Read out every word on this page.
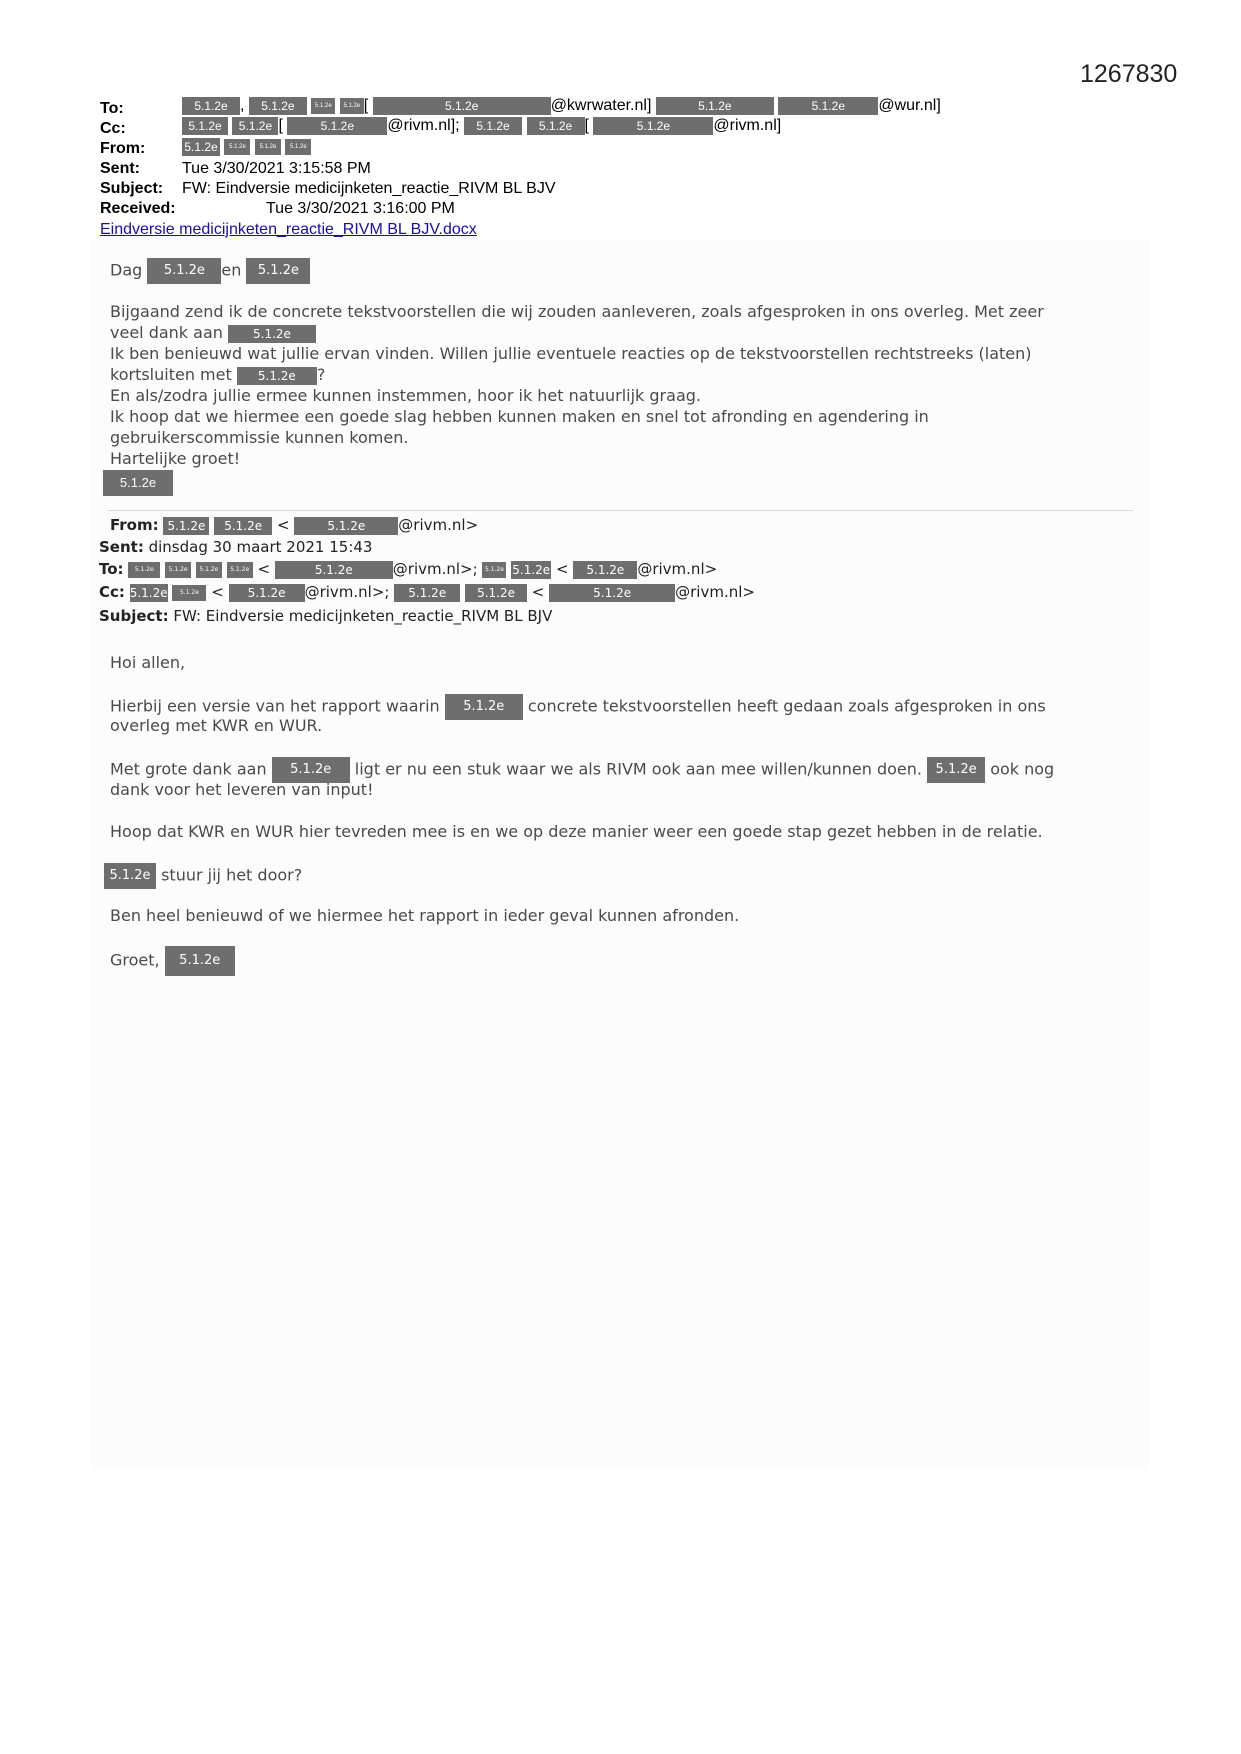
1267830
To:	5.1.2e , 5.1.2e	5.1.2e 5.1.2e [	5.1.2e	@kwrwater.nl]	5.1.2e	5.1.2e @wur.nl]
Cc:	5.1.2e 5.1.2e [	5.1.2e @rivm.nl]; 5.1.2e 5.1.2e [	5.1.2e	@rivm.nl]
From:	5.1.2e 5.1.2e 5.1.2e 5.1.2e
Sent:	Tue 3/30/2021 3:15:58 PM
Subject: FW: Eindversie medicijnketen_reactie_RIVM BL BJV
Received:	Tue 3/30/2021 3:16:00 PM
Eindversie medicijnketen_reactie_RIVM BL BJV.docx
Dag 5.1.2e en 5.1.2e
Bijgaand zend ik de concrete tekstvoorstellen die wij zouden aanleveren, zoals afgesproken in ons overleg. Met zeer
veel dank aan	5.1.2e
Ik ben benieuwd wat jullie ervan vinden. Willen jullie eventuele reacties op de tekstvoorstellen rechtstreeks (laten)
kortsluiten met 5.1.2e ?
En als/zodra jullie ermee kunnen instemmen, hoor ik het natuurlijk graag.
Ik hoop dat we hiermee een goede slag hebben kunnen maken en snel tot afronding en agendering in
gebruikerscommissie kunnen komen.
Hartelijke groet!
5.1.2e
From: 5.1.2e 5.1.2e <	5.1.2e @rivm.nl>
Sent: dinsdag 30 maart 2021 15:43
To: 5.1.2e 5.1.2e 5.1.2e 5.1.2e <	5.1.2e	@rivm.nl>; 5.1.2e 5.1.2e < 5.1.2e @rivm.nl>
Cc: 5.1.2e 5.1.2e < 5.1.2e @rivm.nl>; 5.1.2e	5.1.2e <	5.1.2e	@rivm.nl>
Subject: FW: Eindversie medicijnketen_reactie_RIVM BL BJV
Hoi allen,
Hierbij een versie van het rapport waarin 5.1.2e concrete tekstvoorstellen heeft gedaan zoals afgesproken in ons
overleg met KWR en WUR.
Met grote dank aan 5.1.2e ligt er nu een stuk waar we als RIVM ook aan mee willen/kunnen doen. 5.1.2e ook nog
dank voor het leveren van input!
Hoop dat KWR en WUR hier tevreden mee is en we op deze manier weer een goede stap gezet hebben in de relatie.
5.1.2e stuur jij het door?
Ben heel benieuwd of we hiermee het rapport in ieder geval kunnen afronden.
Groet, 5.1.2e
